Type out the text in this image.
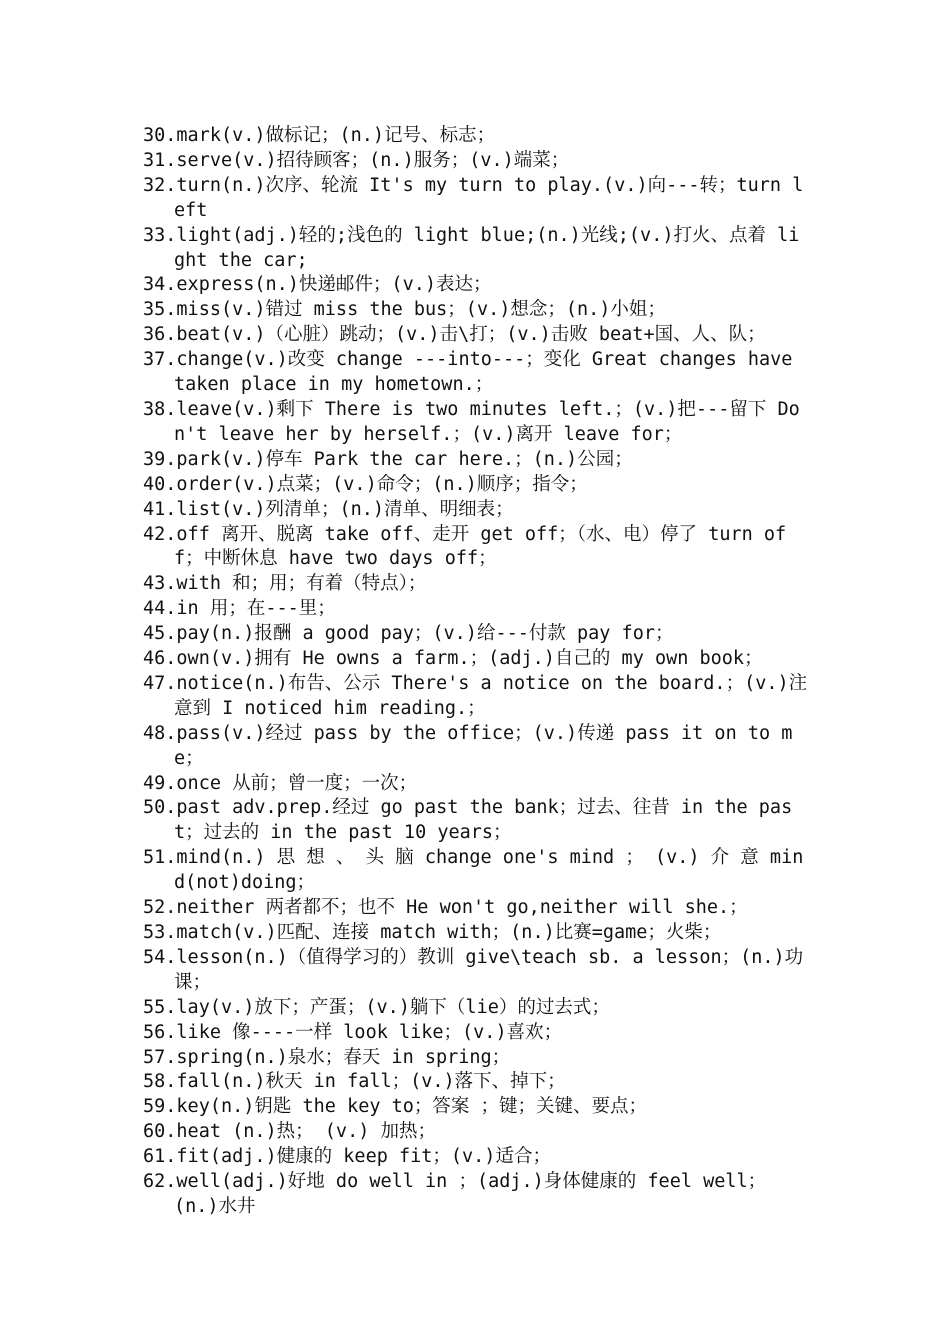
30.mark(v.)做标记；(n.)记号、标志；

31.serve(v.)招待顾客；(n.)服务；(v.)端菜；

32.turn(n.)次序、轮流 It's my turn to play.(v.)向---转；turn left

33.light(adj.)轻的;浅色的 light blue;(n.)光线;(v.)打火、点着 light the car;

34.express(n.)快递邮件；(v.)表达；

35.miss(v.)错过 miss the bus；(v.)想念；(n.)小姐；

36.beat(v.)（心脏）跳动；(v.)击\打；(v.)击败 beat+国、人、队；

37.change(v.)改变 change ---into---；变化 Great changes have taken place in my hometown.；

38.leave(v.)剩下 There is two minutes left.；(v.)把---留下 Don't leave her by herself.；(v.)离开 leave for；

39.park(v.)停车 Park the car here.；(n.)公园；

40.order(v.)点菜；(v.)命令；(n.)顺序；指令；

41.list(v.)列清单；(n.)清单、明细表；

42.off 离开、脱离 take off、走开 get off；（水、电）停了 turn off；中断休息 have two days off；

43.with 和；用；有着（特点）；

44.in 用；在---里；

45.pay(n.)报酬 a good pay；(v.)给---付款 pay for；

46.own(v.)拥有 He owns a farm.；(adj.)自己的 my own book；

47.notice(n.)布告、公示 There's a notice on the board.；(v.)注意到 I noticed him reading.；

48.pass(v.)经过 pass by the office；(v.)传递 pass it on to me；

49.once 从前；曾一度；一次；

50.past adv.prep.经过 go past the bank；过去、往昔 in the past；过去的 in the past 10 years；

51.mind(n.) 思 想 、 头 脑 change one's mind ； (v.) 介 意 mind(not)doing；

52.neither 两者都不；也不 He won't go,neither will she.；

53.match(v.)匹配、连接 match with；(n.)比赛=game；火柴；

54.lesson(n.)（值得学习的）教训 give\teach sb. a lesson；(n.)功课；

55.lay(v.)放下；产蛋；(v.)躺下（lie）的过去式；

56.like 像----一样 look like；(v.)喜欢；

57.spring(n.)泉水；春天 in spring；

58.fall(n.)秋天 in fall；(v.)落下、掉下；

59.key(n.)钥匙 the key to；答案 ；键；关键、要点；

60.heat (n.)热； (v.) 加热；

61.fit(adj.)健康的 keep fit；(v.)适合；

62.well(adj.)好地 do well in ；(adj.)身体健康的 feel well；(n.)水井
